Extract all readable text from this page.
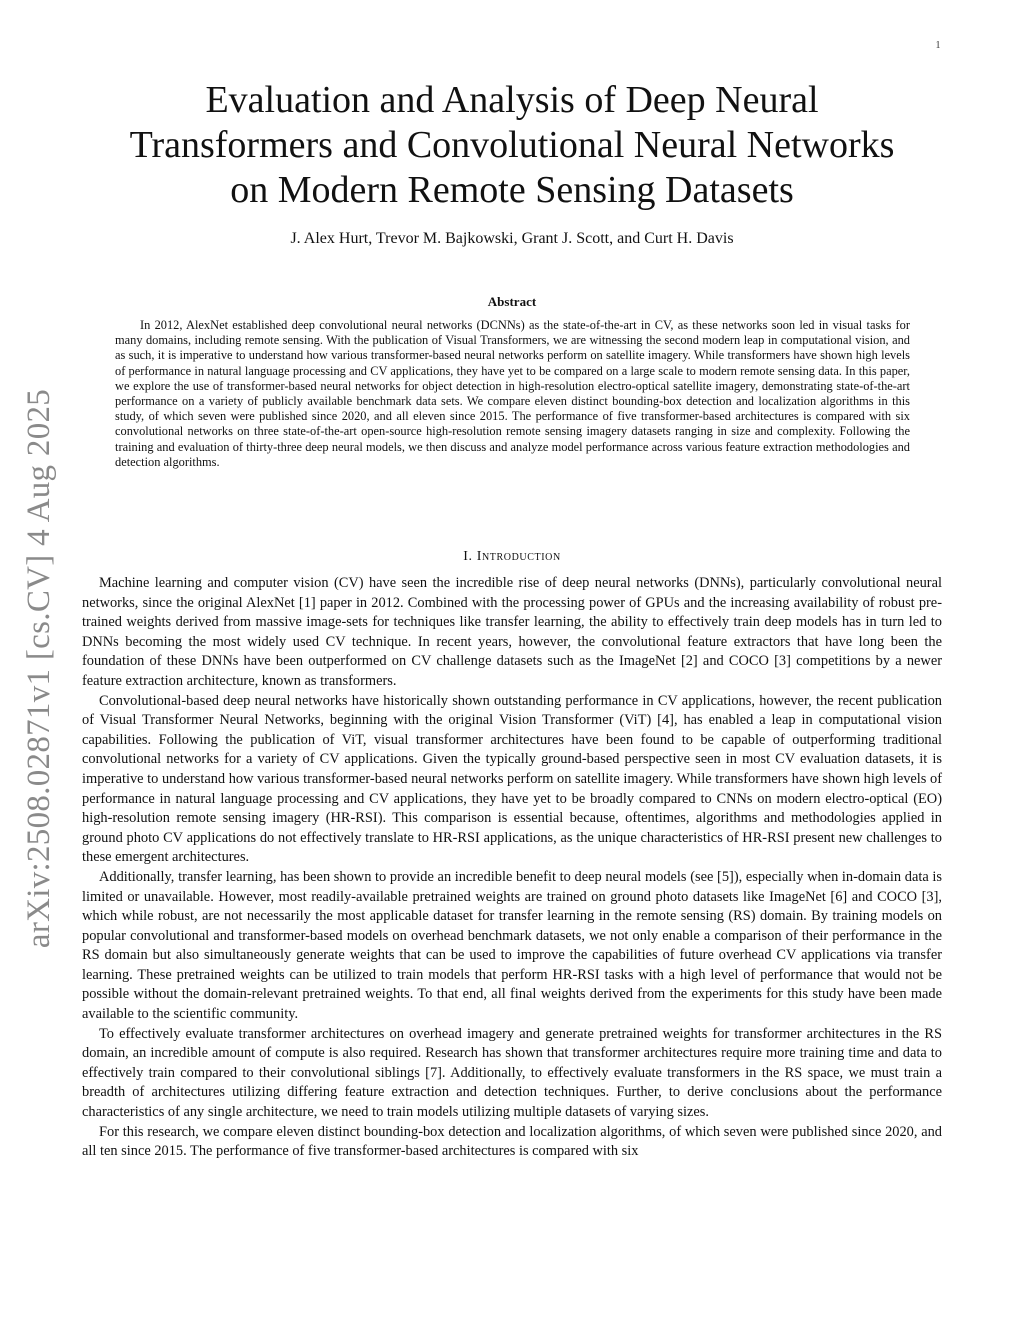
1
arXiv:2508.02871v1 [cs.CV] 4 Aug 2025
Evaluation and Analysis of Deep Neural
Transformers and Convolutional Neural Networks
on Modern Remote Sensing Datasets
J. Alex Hurt, Trevor M. Bajkowski, Grant J. Scott, and Curt H. Davis
Abstract

In 2012, AlexNet established deep convolutional neural networks (DCNNs) as the state-of-the-art in CV, as these networks soon led in visual tasks for many domains, including remote sensing. With the publication of Visual Transformers, we are witnessing the second modern leap in computational vision, and as such, it is imperative to understand how various transformer-based neural networks perform on satellite imagery. While transformers have shown high levels of performance in natural language processing and CV applications, they have yet to be compared on a large scale to modern remote sensing data. In this paper, we explore the use of transformer-based neural networks for object detection in high-resolution electro-optical satellite imagery, demonstrating state-of-the-art performance on a variety of publicly available benchmark data sets. We compare eleven distinct bounding-box detection and localization algorithms in this study, of which seven were published since 2020, and all eleven since 2015. The performance of five transformer-based architectures is compared with six convolutional networks on three state-of-the-art open-source high-resolution remote sensing imagery datasets ranging in size and complexity. Following the training and evaluation of thirty-three deep neural models, we then discuss and analyze model performance across various feature extraction methodologies and detection algorithms.

I. Introduction

Machine learning and computer vision (CV) have seen the incredible rise of deep neural networks (DNNs), particularly convolutional neural networks, since the original AlexNet [1] paper in 2012. Combined with the processing power of GPUs and the increasing availability of robust pre-trained weights derived from massive image-sets for techniques like transfer learning, the ability to effectively train deep models has in turn led to DNNs becoming the most widely used CV technique. In recent years, however, the convolutional feature extractors that have long been the foundation of these DNNs have been outperformed on CV challenge datasets such as the ImageNet [2] and COCO [3] competitions by a newer feature extraction architecture, known as transformers.

Convolutional-based deep neural networks have historically shown outstanding performance in CV applications, however, the recent publication of Visual Transformer Neural Networks, beginning with the original Vision Transformer (ViT) [4], has enabled a leap in computational vision capabilities. Following the publication of ViT, visual transformer architectures have been found to be capable of outperforming traditional convolutional networks for a variety of CV applications. Given the typically ground-based perspective seen in most CV evaluation datasets, it is imperative to understand how various transformer-based neural networks perform on satellite imagery. While transformers have shown high levels of performance in natural language processing and CV applications, they have yet to be broadly compared to CNNs on modern electro-optical (EO) high-resolution remote sensing imagery (HR-RSI). This comparison is essential because, oftentimes, algorithms and methodologies applied in ground photo CV applications do not effectively translate to HR-RSI applications, as the unique characteristics of HR-RSI present new challenges to these emergent architectures.

Additionally, transfer learning, has been shown to provide an incredible benefit to deep neural models (see [5]), especially when in-domain data is limited or unavailable. However, most readily-available pretrained weights are trained on ground photo datasets like ImageNet [6] and COCO [3], which while robust, are not necessarily the most applicable dataset for transfer learning in the remote sensing (RS) domain. By training models on popular convolutional and transformer-based models on overhead benchmark datasets, we not only enable a comparison of their performance in the RS domain but also simultaneously generate weights that can be used to improve the capabilities of future overhead CV applications via transfer learning. These pretrained weights can be utilized to train models that perform HR-RSI tasks with a high level of performance that would not be possible without the domain-relevant pretrained weights. To that end, all final weights derived from the experiments for this study have been made available to the scientific community.

To effectively evaluate transformer architectures on overhead imagery and generate pretrained weights for transformer architectures in the RS domain, an incredible amount of compute is also required. Research has shown that transformer architectures require more training time and data to effectively train compared to their convolutional siblings [7]. Additionally, to effectively evaluate transformers in the RS space, we must train a breadth of architectures utilizing differing feature extraction and detection techniques. Further, to derive conclusions about the performance characteristics of any single architecture, we need to train models utilizing multiple datasets of varying sizes.

For this research, we compare eleven distinct bounding-box detection and localization algorithms, of which seven were published since 2020, and all ten since 2015. The performance of five transformer-based architectures is compared with six
